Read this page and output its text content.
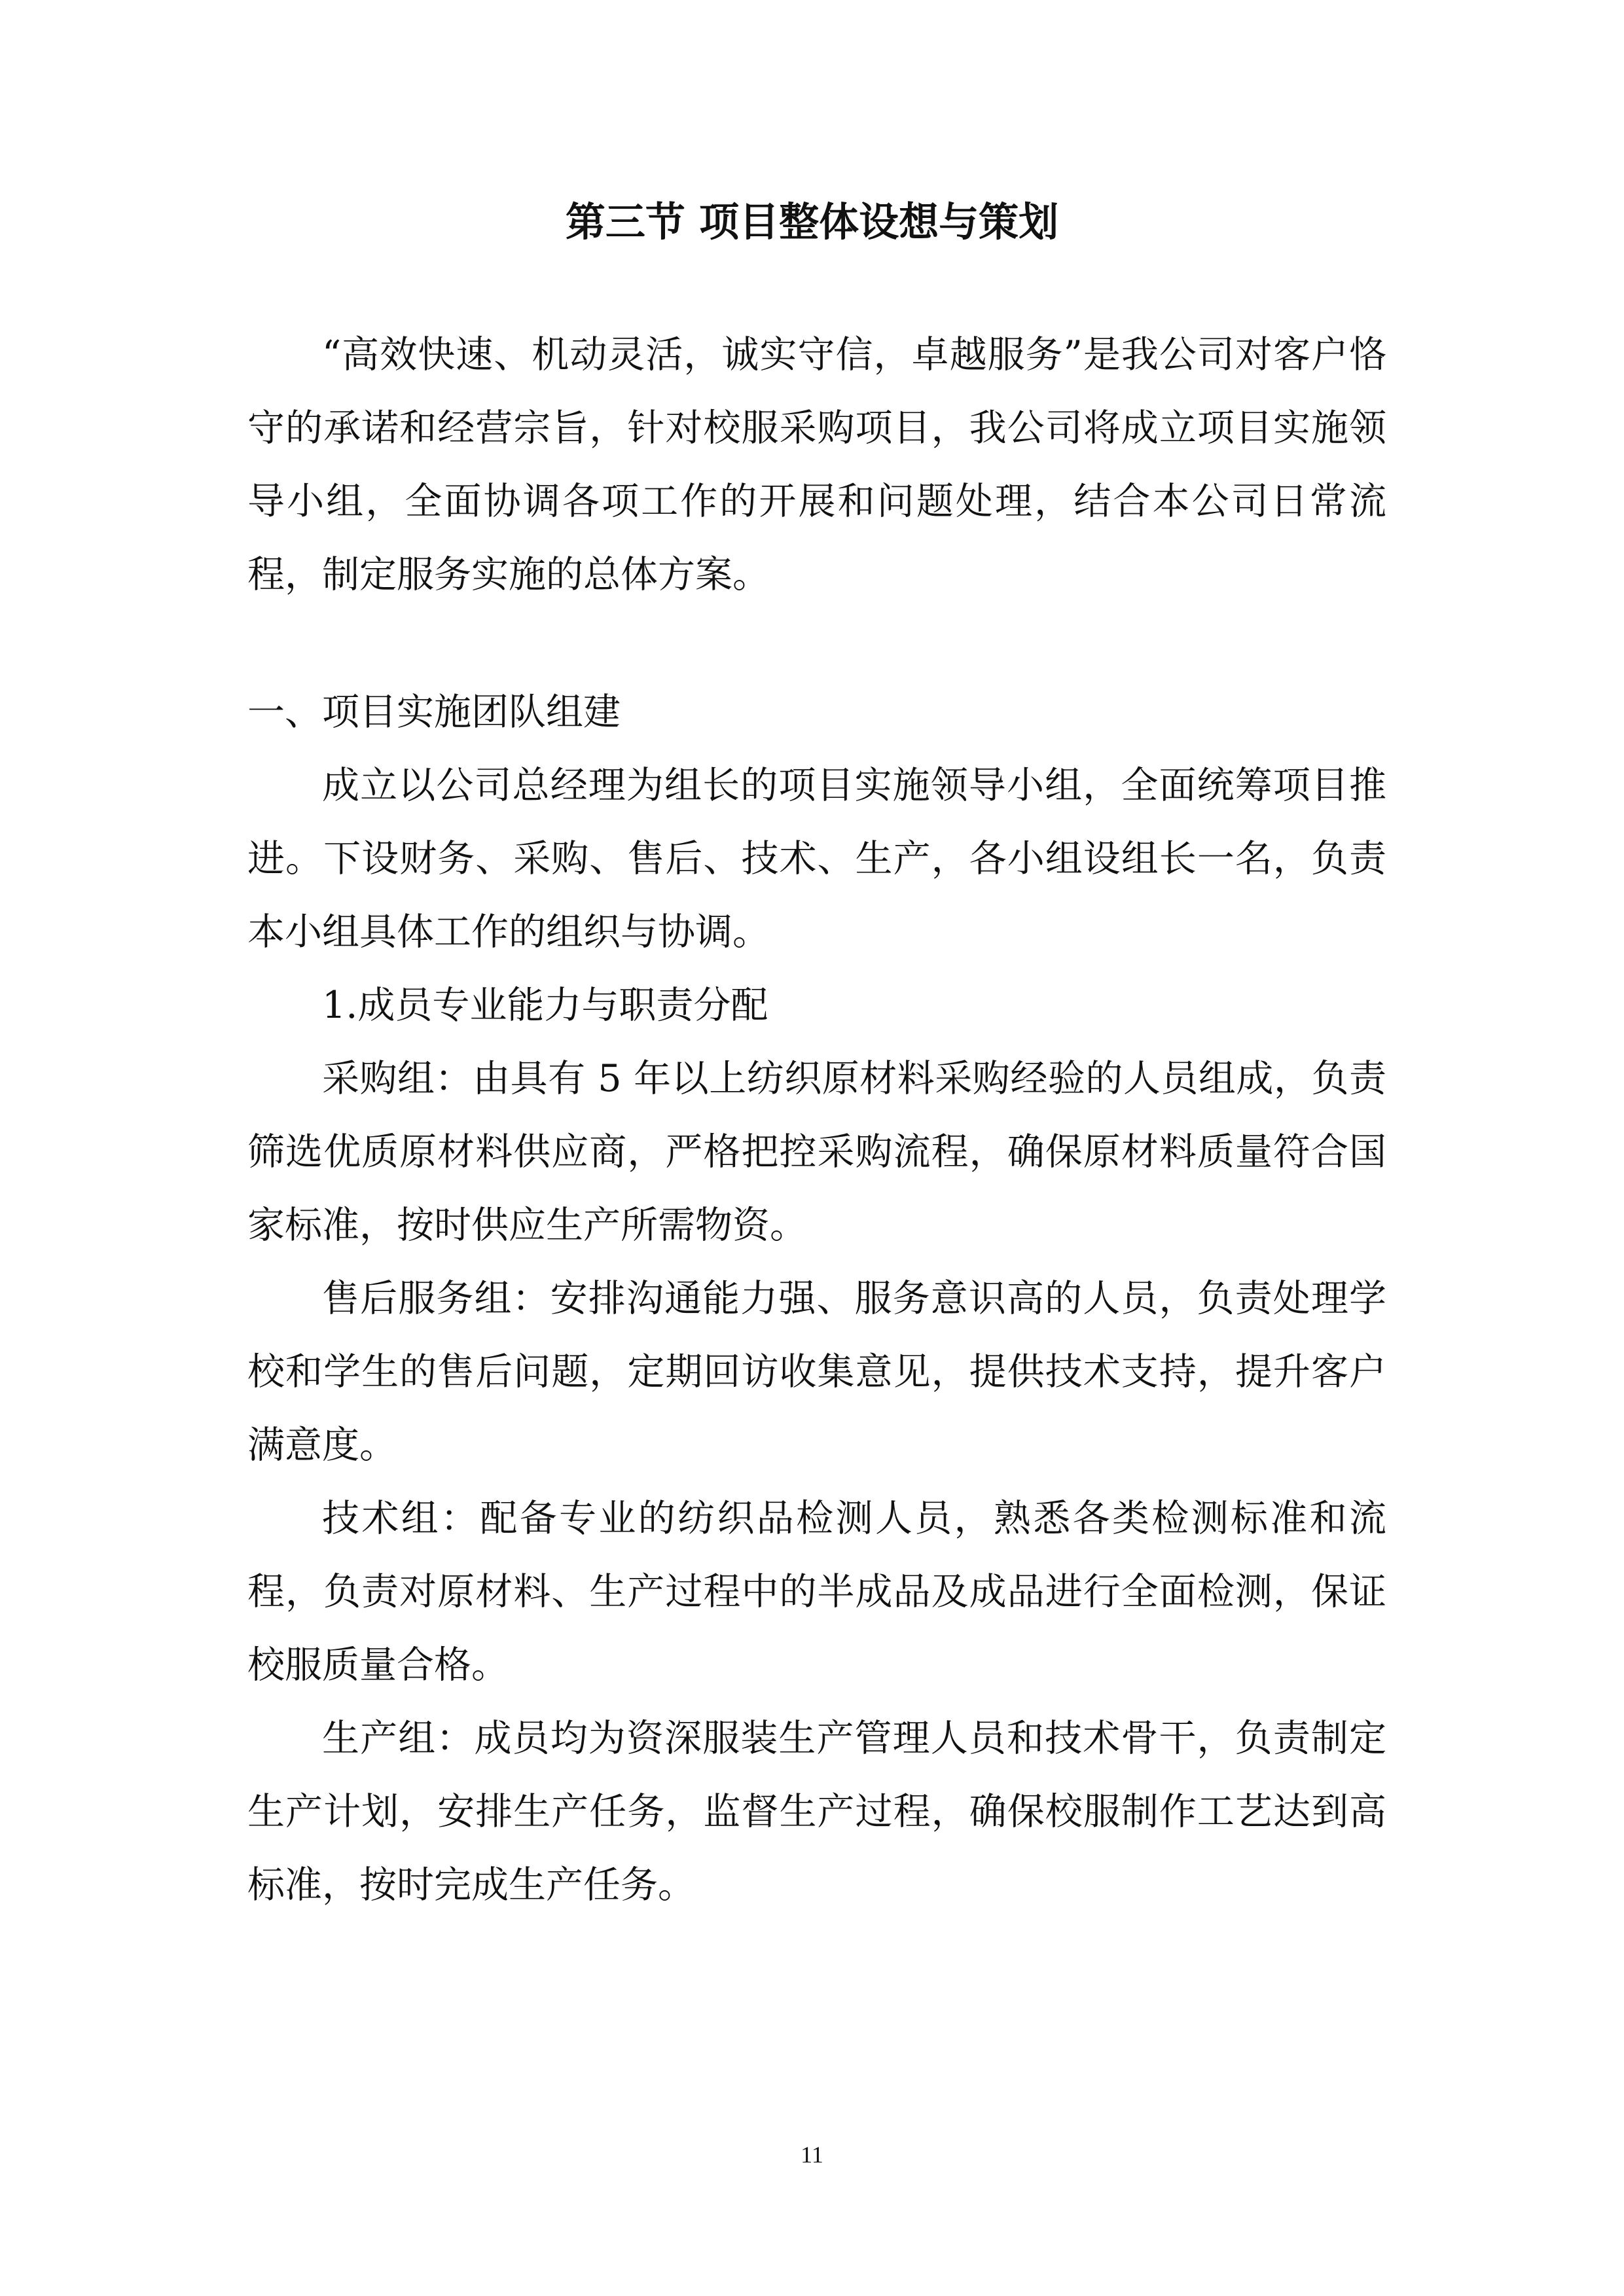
第三节 项目整体设想与策划

“高效快速、机动灵活，诚实守信，卓越服务”是我公司对客户恪守的承诺和经营宗旨，针对校服采购项目，我公司将成立项目实施领导小组，全面协调各项工作的开展和问题处理，结合本公司日常流程，制定服务实施的总体方案。

一、项目实施团队组建

成立以公司总经理为组长的项目实施领导小组，全面统筹项目推进。下设财务、采购、售后、技术、生产，各小组设组长一名，负责本小组具体工作的组织与协调。

1.成员专业能力与职责分配

采购组：由具有 5 年以上纺织原材料采购经验的人员组成，负责筛选优质原材料供应商，严格把控采购流程，确保原材料质量符合国家标准，按时供应生产所需物资。

售后服务组：安排沟通能力强、服务意识高的人员，负责处理学校和学生的售后问题，定期回访收集意见，提供技术支持，提升客户满意度。

技术组：配备专业的纺织品检测人员，熟悉各类检测标准和流程，负责对原材料、生产过程中的半成品及成品进行全面检测，保证校服质量合格。

生产组：成员均为资深服装生产管理人员和技术骨干，负责制定生产计划，安排生产任务，监督生产过程，确保校服制作工艺达到高标准，按时完成生产任务。

11
